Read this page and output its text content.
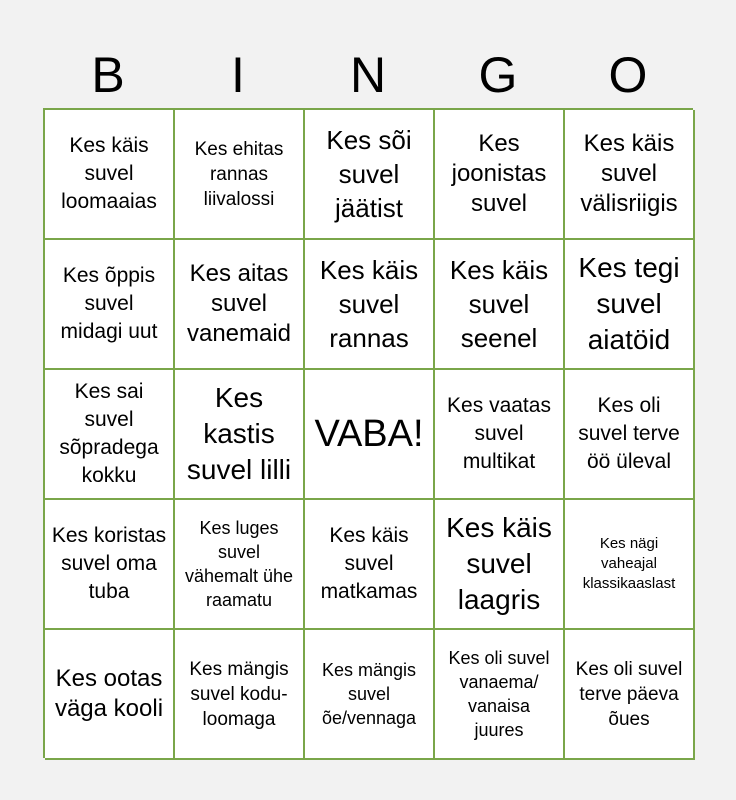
B	I	N	G	O
Kes käis suvel loomaaias
Kes ehitas rannas liivalossi
Kes sõi suvel jäätist
Kes joonistas suvel
Kes käis suvel välisriigis
Kes õppis suvel midagi uut
Kes aitas suvel vanemaid
Kes käis suvel rannas
Kes käis suvel seenel
Kes tegi suvel aiatöid
Kes sai suvel sõpradega kokku
Kes kastis suvel lilli
VABA!
Kes vaatas suvel multikat
Kes oli suvel terve öö üleval
Kes koristas suvel oma tuba
Kes luges suvel vähemalt ühe raamatu
Kes käis suvel matkamas
Kes käis suvel laagris
Kes nägi vaheajal klassikaaslast
Kes ootas väga kooli
Kes mängis suvel kodu-loomaga
Kes mängis suvel õe/vennaga
Kes oli suvel vanaema/ vanaisa juures
Kes oli suvel terve päeva õues
